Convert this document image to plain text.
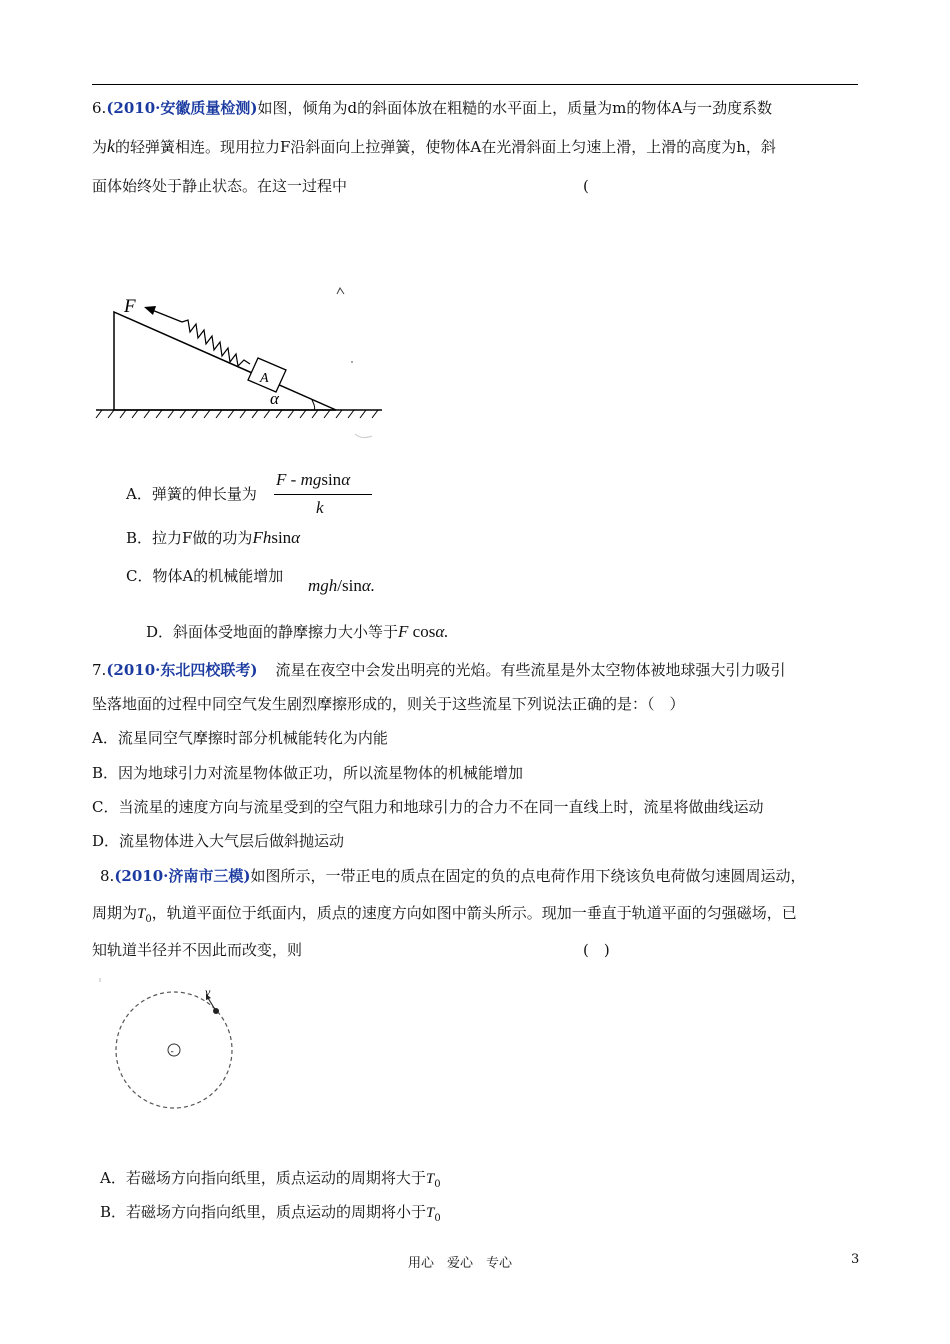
6.(2010·安徽质量检测)如图，倾角为d的斜面体放在粗糙的水平面上，质量为m的物体A与一劲度系数
为k的轻弹簧相连。现用拉力F沿斜面向上拉弹簧，使物体A在光滑斜面上匀速上滑，上滑的高度为h，斜
面体始终处于静止状态。在这一过程中	(
F
A
α
A．弹簧的伸长量为
F - mgsinα
k
B．拉力F做的功为Fhsinα
C．物体A的机械能增加 mgh/sinα.
D．斜面体受地面的静摩擦力大小等于F cosα.
7.(2010·东北四校联考) 流星在夜空中会发出明亮的光焰。有些流星是外太空物体被地球强大引力吸引
坠落地面的过程中同空气发生剧烈摩擦形成的，则关于这些流星下列说法正确的是：（　）
A．流星同空气摩擦时部分机械能转化为内能
B．因为地球引力对流星物体做正功，所以流星物体的机械能增加
C．当流星的速度方向与流星受到的空气阻力和地球引力的合力不在同一直线上时，流星将做曲线运动
D．流星物体进入大气层后做斜抛运动
8.(2010·济南市三模)如图所示，一带正电的质点在固定的负的点电荷作用下绕该负电荷做匀速圆周运动，
周期为$T_0$，轨道平面位于纸面内，质点的速度方向如图中箭头所示。现加一垂直于轨道平面的匀强磁场，已
知轨道半径并不因此而改变，则	(　)
-
v
A．若磁场方向指向纸里，质点运动的周期将大于$T_0$
B．若磁场方向指向纸里，质点运动的周期将小于$T_0$
用心　爱心　专心	3
